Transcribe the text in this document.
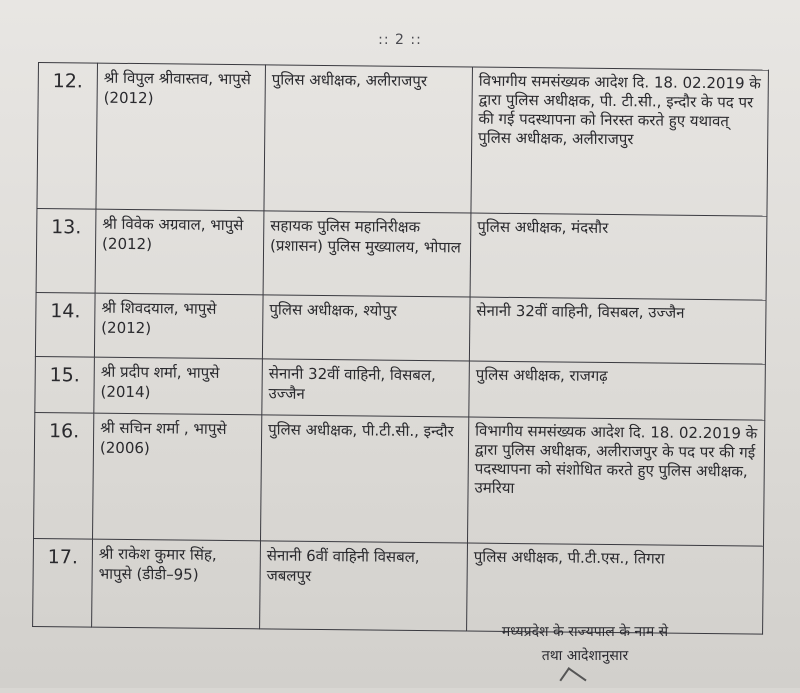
:: 2 ::
12.	श्री विपुल श्रीवास्तव, भापुसे (2012)	पुलिस अधीक्षक, अलीराजपुर	विभागीय समसंख्यक आदेश दि. 18. 02.2019 के द्वारा पुलिस अधीक्षक, पी. टी.सी., इन्दौर के पद पर की गई पदस्थापना को निरस्त करते हुए यथावत् पुलिस अधीक्षक, अलीराजपुर
13.	श्री विवेक अग्रवाल, भापुसे (2012)	सहायक पुलिस महानिरीक्षक (प्रशासन) पुलिस मुख्यालय, भोपाल	पुलिस अधीक्षक, मंदसौर
14.	श्री शिवदयाल, भापुसे (2012)	पुलिस अधीक्षक, श्योपुर	सेनानी 32वीं वाहिनी, विसबल, उज्जैन
15.	श्री प्रदीप शर्मा, भापुसे (2014)	सेनानी 32वीं वाहिनी, विसबल, उज्जैन	पुलिस अधीक्षक, राजगढ़
16.	श्री सचिन शर्मा , भापुसे (2006)	पुलिस अधीक्षक, पी.टी.सी., इन्दौर	विभागीय समसंख्यक आदेश दि. 18. 02.2019 के द्वारा पुलिस अधीक्षक, अलीराजपुर के पद पर की गई पदस्थापना को संशोधित करते हुए पुलिस अधीक्षक, उमरिया
17.	श्री राकेश कुमार सिंह, भापुसे (डीडी–95)	सेनानी 6वीं वाहिनी विसबल, जबलपुर	पुलिस अधीक्षक, पी.टी.एस., तिगरा
मध्यप्रदेश के राज्यपाल के नाम से
तथा आदेशानुसार
